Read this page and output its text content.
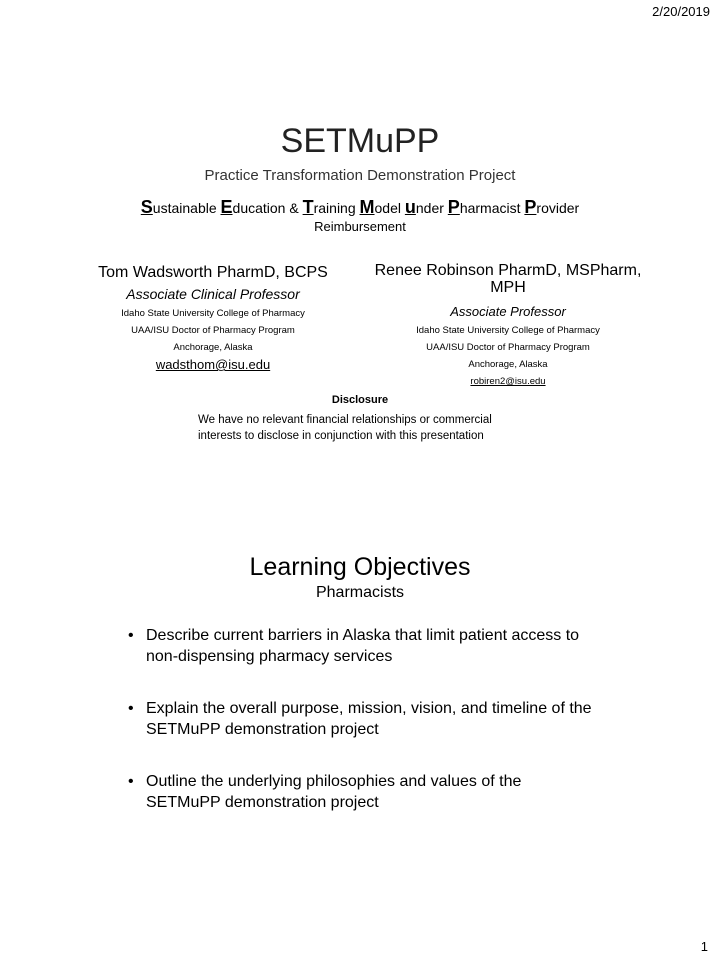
2/20/2019
SETMuPP
Practice Transformation Demonstration Project
Sustainable Education & Training Model under Pharmacist Provider
Reimbursement
Tom Wadsworth PharmD, BCPS
Associate Clinical Professor
Idaho State University College of Pharmacy
UAA/ISU Doctor of Pharmacy Program
Anchorage, Alaska
wadsthom@isu.edu
Renee Robinson PharmD, MSPharm, MPH
Associate Professor
Idaho State University College of Pharmacy
UAA/ISU Doctor of Pharmacy Program
Anchorage, Alaska
robiren2@isu.edu
Disclosure
We have no relevant financial relationships or commercial interests to disclose in conjunction with this presentation
Learning Objectives
Pharmacists
• Describe current barriers in Alaska that limit patient access to non-dispensing pharmacy services
• Explain the overall purpose, mission, vision, and timeline of the SETMuPP demonstration project
• Outline the underlying philosophies and values of the SETMuPP demonstration project
1
